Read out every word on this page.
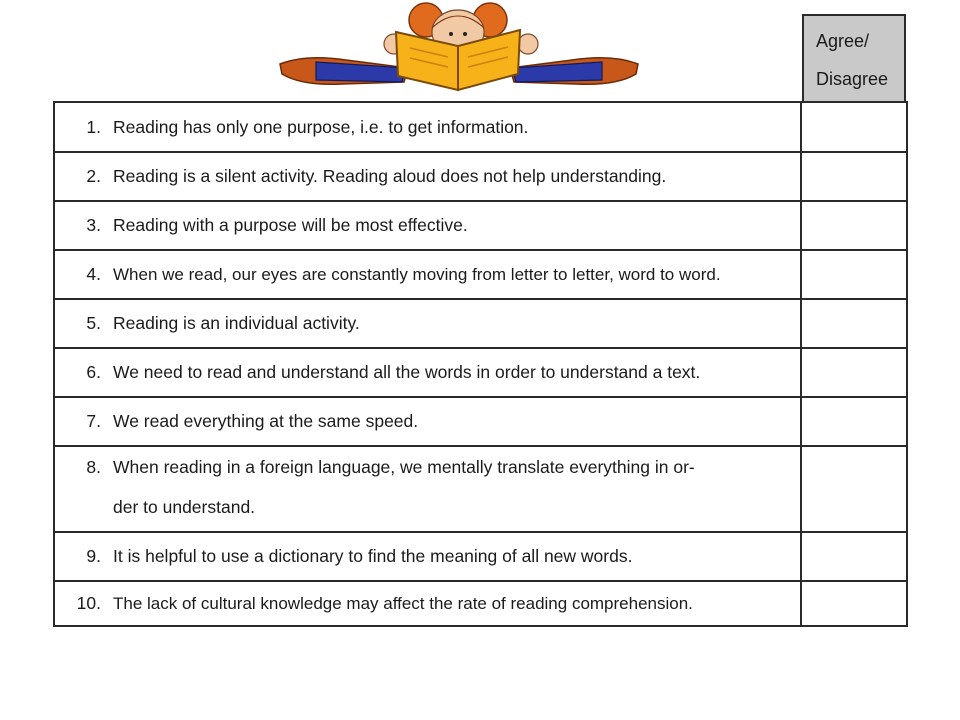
Agree/
Disagree
1. Reading has only one purpose, i.e. to get information.
2. Reading is a silent activity. Reading aloud does not help understanding.
3. Reading with a purpose will be most effective.
4. When we read, our eyes are constantly moving from letter to letter, word to word.
5. Reading is an individual activity.
6. We need to read and understand all the words in order to understand a text.
7. We read everything at the same speed.
8. When reading in a foreign language, we mentally translate everything in or-
der to understand.
9. It is helpful to use a dictionary to find the meaning of all new words.
10. The lack of cultural knowledge may affect the rate of reading comprehension.
